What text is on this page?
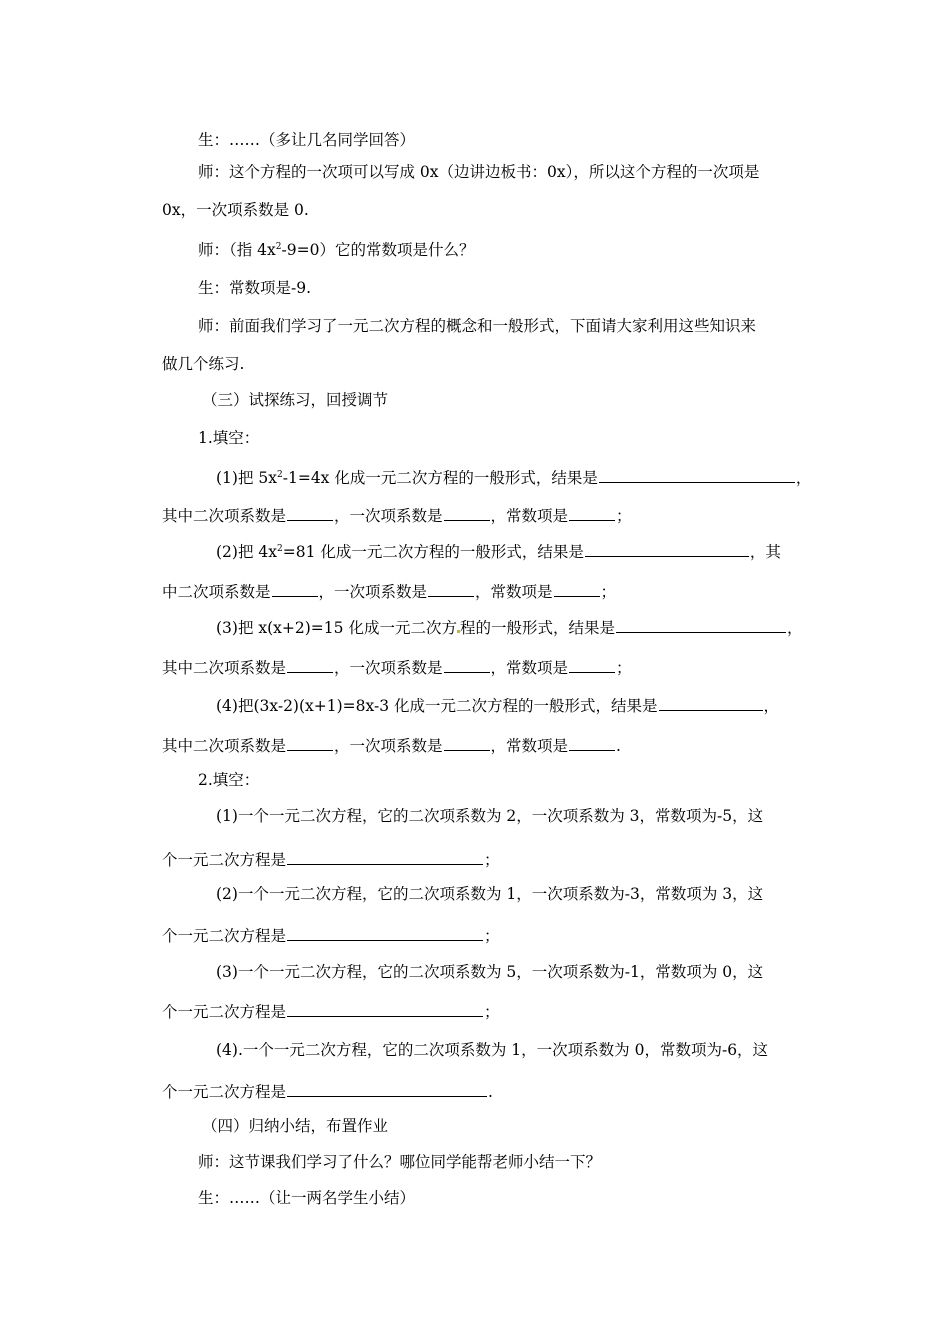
生：……（多让几名同学回答）
师：这个方程的一次项可以写成 0x（边讲边板书：0x），所以这个方程的一次项是
0x，一次项系数是 0.
师：（指 $4x^2-9=0$）它的常数项是什么？
生：常数项是-9.
师：前面我们学习了一元二次方程的概念和一般形式，下面请大家利用这些知识来
做几个练习.
（三）试探练习，回授调节
1.填空：
(1)把 $5x^2-1=4x$ 化成一元二次方程的一般形式，结果是	，
其中二次项系数是	，一次项系数是	，常数项是	；
(2)把 $4x^2=81$ 化成一元二次方程的一般形式，结果是	，其
中二次项系数是	，一次项系数是	，常数项是	；
(3)把 x(x+2)=15 化成一元二次方 程的一般形式，结果是	，
其中二次项系数是	，一次项系数是	，常数项是	；
(4)把(3x-2)(x+1)=8x-3 化成一元二次方程的一般形式，结果是	，
其中二次项系数是	，一次项系数是	，常数项是	.
2.填空：
(1)一个一元二次方程，它的二次项系数为 2，一次项系数为 3，常数项为-5，这
个一元二次方程是	；
(2)一个一元二次方程，它的二次项系数为 1，一次项系数为-3，常数项为 3，这
个一元二次方程是	；
(3)一个一元二次方程，它的二次项系数为 5，一次项系数为-1，常数项为 0，这
个一元二次方程是	；
(4).一个一元二次方程，它的二次项系数为 1，一次项系数为 0，常数项为-6，这
个一元二次方程是	.
（四）归纳小结，布置作业
师：这节课我们学习了什么？哪位同学能帮老师小结一下？
生：……（让一两名学生小结）
